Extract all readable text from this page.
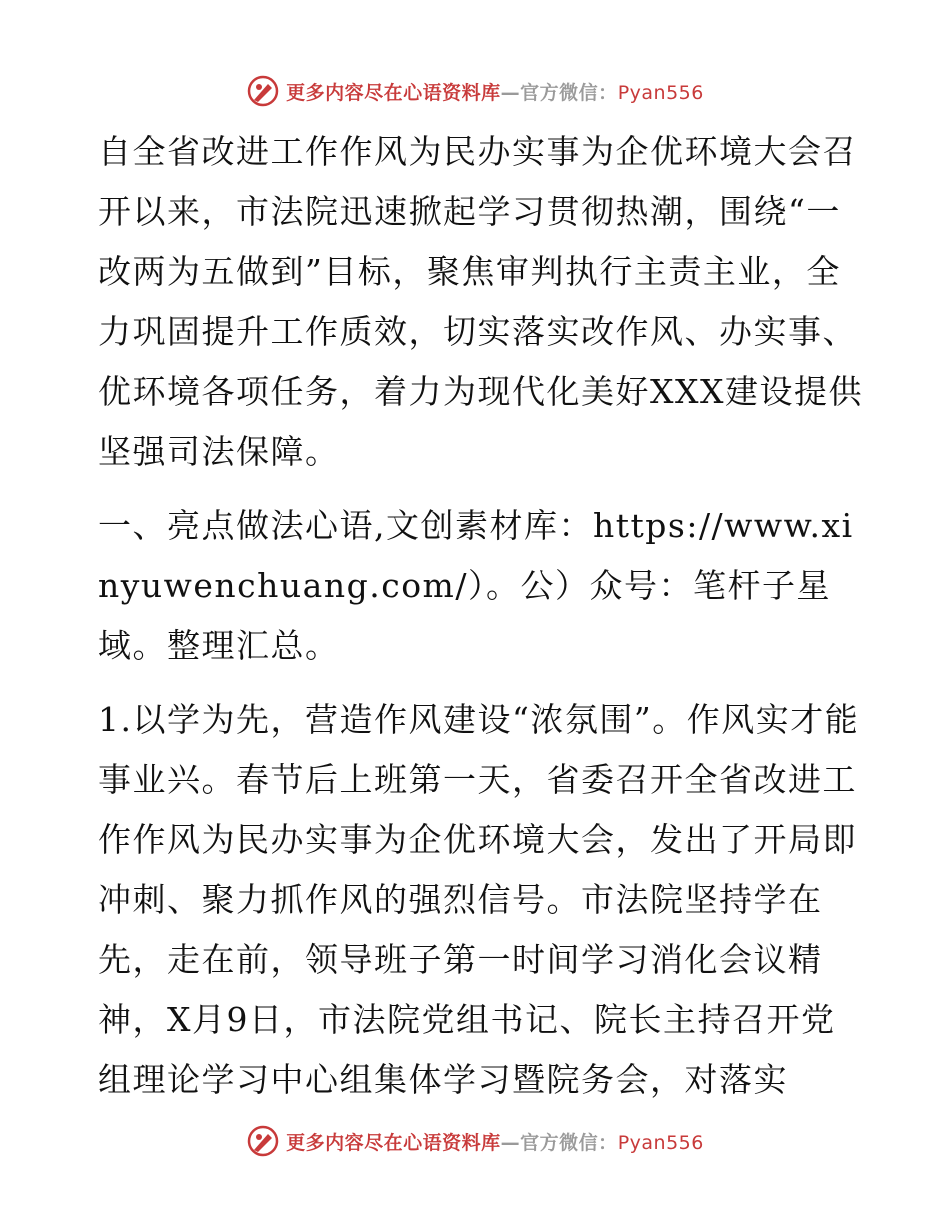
更多内容尽在心语资料库—官方微信：Pyan556

自全省改进工作作风为民办实事为企优环境大会召开以来，市法院迅速掀起学习贯彻热潮，围绕“一改两为五做到”目标，聚焦审判执行主责主业，全力巩固提升工作质效，切实落实改作风、办实事、优环境各项任务，着力为现代化美好XXX建设提供坚强司法保障。

一、亮点做法心语,文创素材库：https://www.xinyuwenchuang.com/）。公）众号：笔杆子星域。整理汇总。

1.以学为先，营造作风建设“浓氛围”。作风实才能事业兴。春节后上班第一天，省委召开全省改进工作作风为民办实事为企优环境大会，发出了开局即冲刺、聚力抓作风的强烈信号。市法院坚持学在先，走在前，领导班子第一时间学习消化会议精神，X月9日，市法院党组书记、院长主持召开党组理论学习中心组集体学习暨院务会，对落实

更多内容尽在心语资料库—官方微信：Pyan556
